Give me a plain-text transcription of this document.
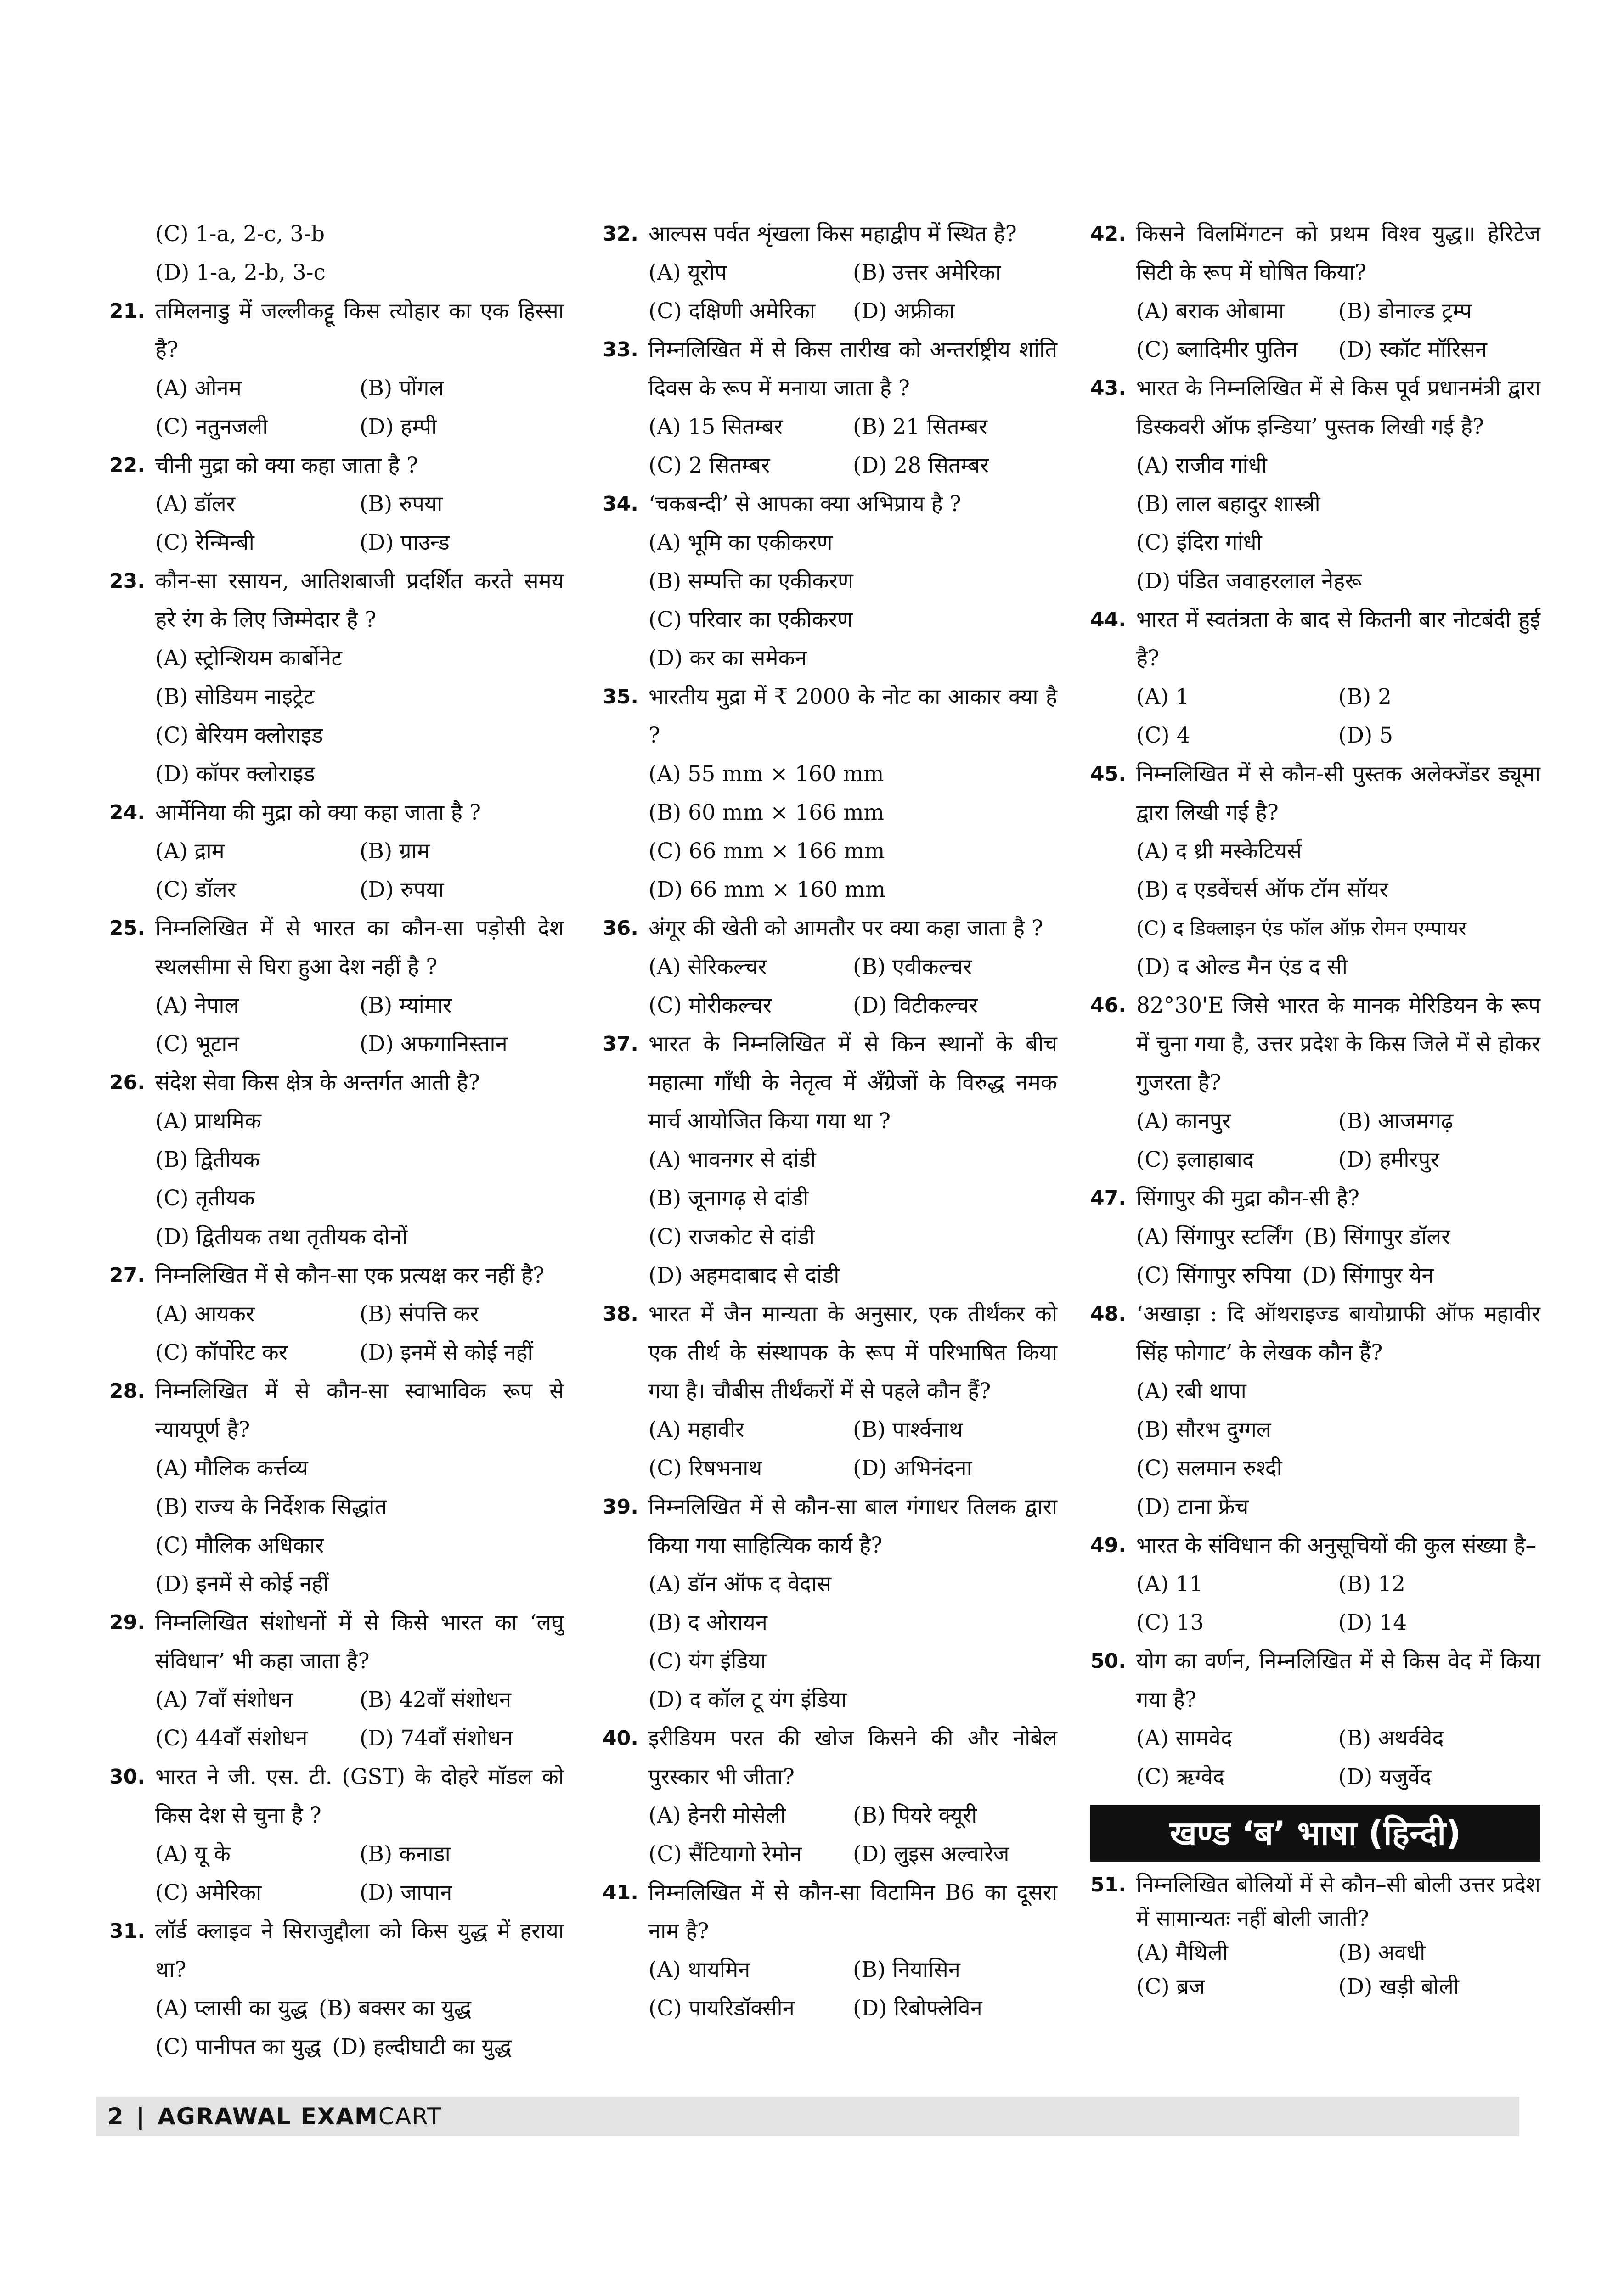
(C) 1-a, 2-c, 3-b
(D) 1-a, 2-b, 3-c
21. तमिलनाडु में जल्लीकट्टू किस त्योहार का एक हिस्सा है?
(A) ओनम	(B) पोंगल
(C) नतुनजली	(D) हम्पी
22. चीनी मुद्रा को क्या कहा जाता है ?
(A) डॉलर	(B) रुपया
(C) रेन्मिन्बी	(D) पाउन्ड
23. कौन-सा रसायन, आतिशबाजी प्रदर्शित करते समय हरे रंग के लिए जिम्मेदार है ?
(A) स्ट्रोन्शियम कार्बोनेट
(B) सोडियम नाइट्रेट
(C) बेरियम क्लोराइड
(D) कॉपर क्लोराइड
24. आर्मेनिया की मुद्रा को क्या कहा जाता है ?
(A) द्राम	(B) ग्राम
(C) डॉलर	(D) रुपया
25. निम्नलिखित में से भारत का कौन-सा पड़ोसी देश स्थलसीमा से घिरा हुआ देश नहीं है ?
(A) नेपाल	(B) म्यांमार
(C) भूटान	(D) अफगानिस्तान
26. संदेश सेवा किस क्षेत्र के अन्तर्गत आती है?
(A) प्राथमिक
(B) द्वितीयक
(C) तृतीयक
(D) द्वितीयक तथा तृतीयक दोनों
27. निम्नलिखित में से कौन-सा एक प्रत्यक्ष कर नहीं है?
(A) आयकर	(B) संपत्ति कर
(C) कॉर्पोरेट कर	(D) इनमें से कोई नहीं
28. निम्नलिखित में से कौन-सा स्वाभाविक रूप से न्यायपूर्ण है?
(A) मौलिक कर्त्तव्य
(B) राज्य के निर्देशक सिद्धांत
(C) मौलिक अधिकार
(D) इनमें से कोई नहीं
29. निम्नलिखित संशोधनों में से किसे भारत का ‘लघु संविधान’ भी कहा जाता है?
(A) 7वाँ संशोधन	(B) 42वाँ संशोधन
(C) 44वाँ संशोधन	(D) 74वाँ संशोधन
30. भारत ने जी. एस. टी. (GST) के दोहरे मॉडल को किस देश से चुना है ?
(A) यू के	(B) कनाडा
(C) अमेरिका	(D) जापान
31. लॉर्ड क्लाइव ने सिराजुद्दौला को किस युद्ध में हराया था?
(A) प्लासी का युद्ध (B) बक्सर का युद्ध
(C) पानीपत का युद्ध (D) हल्दीघाटी का युद्ध
32. आल्पस पर्वत शृंखला किस महाद्वीप में स्थित है?
(A) यूरोप	(B) उत्तर अमेरिका
(C) दक्षिणी अमेरिका	(D) अफ्रीका
33. निम्नलिखित में से किस तारीख को अन्तर्राष्ट्रीय शांति दिवस के रूप में मनाया जाता है ?
(A) 15 सितम्बर	(B) 21 सितम्बर
(C) 2 सितम्बर	(D) 28 सितम्बर
34. ‘चकबन्दी’ से आपका क्या अभिप्राय है ?
(A) भूमि का एकीकरण
(B) सम्पत्ति का एकीकरण
(C) परिवार का एकीकरण
(D) कर का समेकन
35. भारतीय मुद्रा में ₹ 2000 के नोट का आकार क्या है ?
(A) 55 mm × 160 mm
(B) 60 mm × 166 mm
(C) 66 mm × 166 mm
(D) 66 mm × 160 mm
36. अंगूर की खेती को आमतौर पर क्या कहा जाता है ?
(A) सेरिकल्चर	(B) एवीकल्चर
(C) मोरीकल्चर	(D) विटीकल्चर
37. भारत के निम्नलिखित में से किन स्थानों के बीच महात्मा गाँधी के नेतृत्व में अँग्रेजों के विरुद्ध नमक मार्च आयोजित किया गया था ?
(A) भावनगर से दांडी
(B) जूनागढ़ से दांडी
(C) राजकोट से दांडी
(D) अहमदाबाद से दांडी
38. भारत में जैन मान्यता के अनुसार, एक तीर्थंकर को एक तीर्थ के संस्थापक के रूप में परिभाषित किया गया है। चौबीस तीर्थंकरों में से पहले कौन हैं?
(A) महावीर	(B) पार्श्वनाथ
(C) रिषभनाथ	(D) अभिनंदना
39. निम्नलिखित में से कौन-सा बाल गंगाधर तिलक द्वारा किया गया साहित्यिक कार्य है?
(A) डॉन ऑफ द वेदास
(B) द ओरायन
(C) यंग इंडिया
(D) द कॉल टू यंग इंडिया
40. इरीडियम परत की खोज किसने की और नोबेल पुरस्कार भी जीता?
(A) हेनरी मोसेली	(B) पियरे क्यूरी
(C) सैंटियागो रेमोन	(D) लुइस अल्वारेज
41. निम्नलिखित में से कौन-सा विटामिन B6 का दूसरा नाम है?
(A) थायमिन	(B) नियासिन
(C) पायरिडॉक्सीन	(D) रिबोफ्लेविन
42. किसने विलमिंगटन को प्रथम विश्व युद्ध॥ हेरिटेज सिटी के रूप में घोषित किया?
(A) बराक ओबामा	(B) डोनाल्ड ट्रम्प
(C) ब्लादिमीर पुतिन	(D) स्कॉट मॉरिसन
43. भारत के निम्नलिखित में से किस पूर्व प्रधानमंत्री द्वारा डिस्कवरी ऑफ इन्डिया’ पुस्तक लिखी गई है?
(A) राजीव गांधी
(B) लाल बहादुर शास्त्री
(C) इंदिरा गांधी
(D) पंडित जवाहरलाल नेहरू
44. भारत में स्वतंत्रता के बाद से कितनी बार नोटबंदी हुई है?
(A) 1	(B) 2
(C) 4	(D) 5
45. निम्नलिखित में से कौन-सी पुस्तक अलेक्जेंडर ड्यूमा द्वारा लिखी गई है?
(A) द थ्री मस्केटियर्स
(B) द एडवेंचर्स ऑफ टॉम सॉयर
(C) द डिक्लाइन एंड फॉल ऑफ़ रोमन एम्पायर
(D) द ओल्ड मैन एंड द सी
46. 82°30'E जिसे भारत के मानक मेरिडियन के रूप में चुना गया है, उत्तर प्रदेश के किस जिले में से होकर गुजरता है?
(A) कानपुर	(B) आजमगढ़
(C) इलाहाबाद	(D) हमीरपुर
47. सिंगापुर की मुद्रा कौन-सी है?
(A) सिंगापुर स्टर्लिंग (B) सिंगापुर डॉलर
(C) सिंगापुर रुपिया (D) सिंगापुर येन
48. ‘अखाड़ा : दि ऑथराइज्ड बायोग्राफी ऑफ महावीर सिंह फोगाट’ के लेखक कौन हैं?
(A) रबी थापा
(B) सौरभ दुग्गल
(C) सलमान रुश्दी
(D) टाना फ्रेंच
49. भारत के संविधान की अनुसूचियों की कुल संख्या है–
(A) 11	(B) 12
(C) 13	(D) 14
50. योग का वर्णन, निम्नलिखित में से किस वेद में किया गया है?
(A) सामवेद	(B) अथर्ववेद
(C) ऋग्वेद	(D) यजुर्वेद
खण्ड ‘ब’ भाषा (हिन्दी)
51. निम्नलिखित बोलियों में से कौन–सी बोली उत्तर प्रदेश में सामान्यतः नहीं बोली जाती?
(A) मैथिली	(B) अवधी
(C) ब्रज	(D) खड़ी बोली
2 | AGRAWAL EXAM CART
